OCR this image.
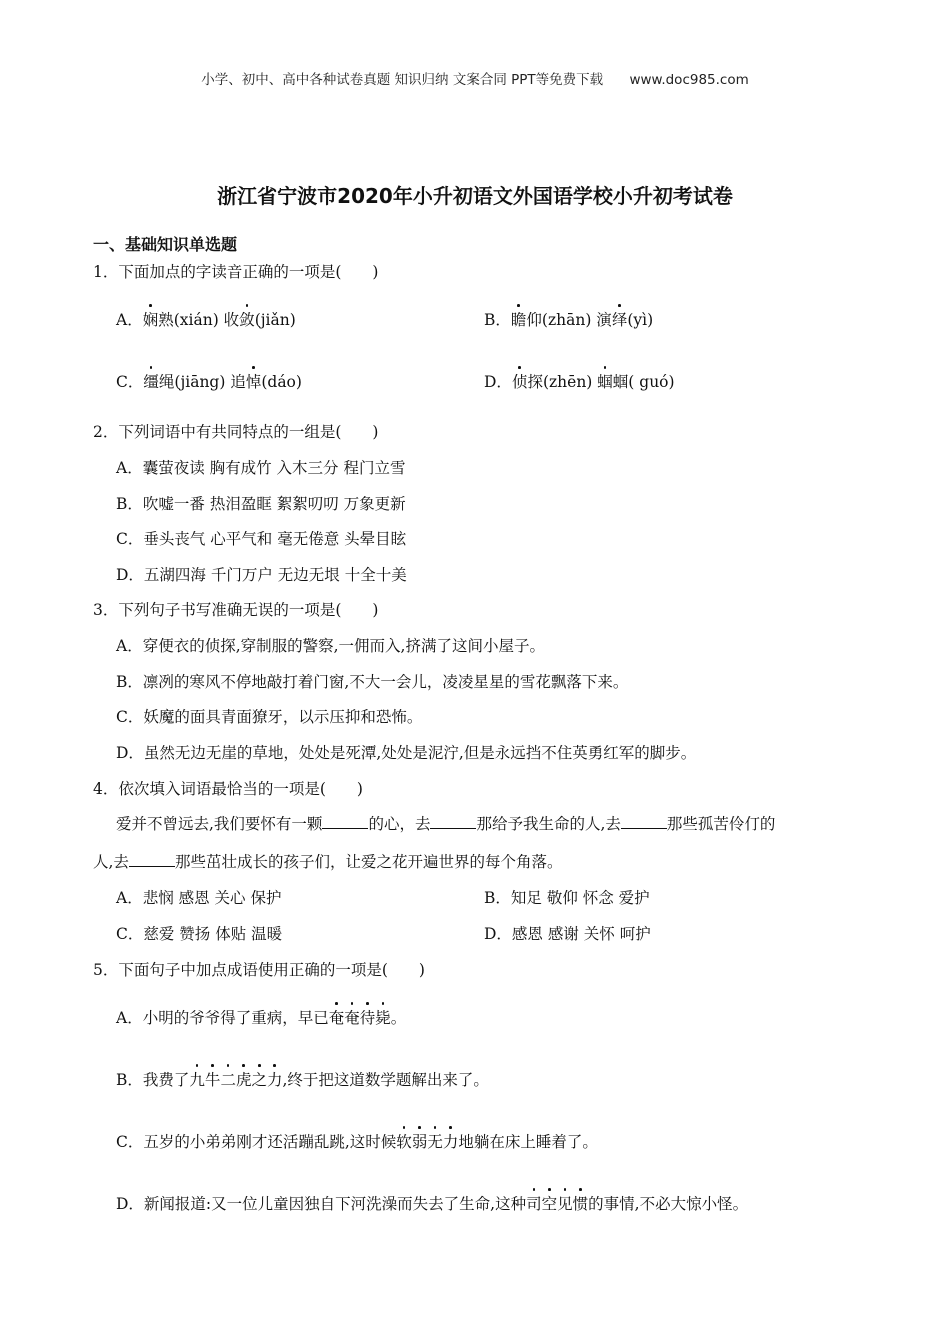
小学、初中、高中各种试卷真题 知识归纳 文案合同 PPT等免费下载 www.doc985.com
浙江省宁波市2020年小升初语文外国语学校小升初考试卷
一、基础知识单选题
1．下面加点的字读音正确的一项是(　　)
A．娴熟(xián) 收敛(jiǎn)	B．瞻仰(zhān) 演绎(yì)
C．缰绳(jiāng) 追悼(dáo)	D．侦探(zhēn) 蝈蝈( guó)
2．下列词语中有共同特点的一组是(　　)
A．囊萤夜读 胸有成竹 入木三分 程门立雪
B．吹嘘一番 热泪盈眶 絮絮叨叨 万象更新
C．垂头丧气 心平气和 毫无倦意 头晕目眩
D．五湖四海 千门万户 无边无垠 十全十美
3．下列句子书写准确无误的一项是(　　)
A．穿便衣的侦探,穿制服的警察,一佣而入,挤满了这间小屋子。
B．凛冽的寒风不停地敲打着门窗,不大一会儿，凌凌星星的雪花飘落下来。
C．妖魔的面具青面獠牙，以示压抑和恐怖。
D．虽然无边无崖的草地，处处是死潭,处处是泥泞,但是永远挡不住英勇红军的脚步。
4．依次填入词语最恰当的一项是(　　)
爱并不曾远去,我们要怀有一颗	的心，去	那给予我生命的人,去	那些孤苦伶仃的
人,去	那些茁壮成长的孩子们，让爱之花开遍世界的每个角落。
A．悲悯 感恩 关心 保护	B．知足 敬仰 怀念 爱护
C．慈爱 赞扬 体贴 温暖	D．感恩 感谢 关怀 呵护
5．下面句子中加点成语使用正确的一项是(　　)
A．小明的爷爷得了重病，早已奄奄待毙。
B．我费了九牛二虎之力,终于把这道数学题解出来了。
C．五岁的小弟弟刚才还活蹦乱跳,这时候软弱无力地躺在床上睡着了。
D．新闻报道:又一位儿童因独自下河洗澡而失去了生命,这种司空见惯的事情,不必大惊小怪。
